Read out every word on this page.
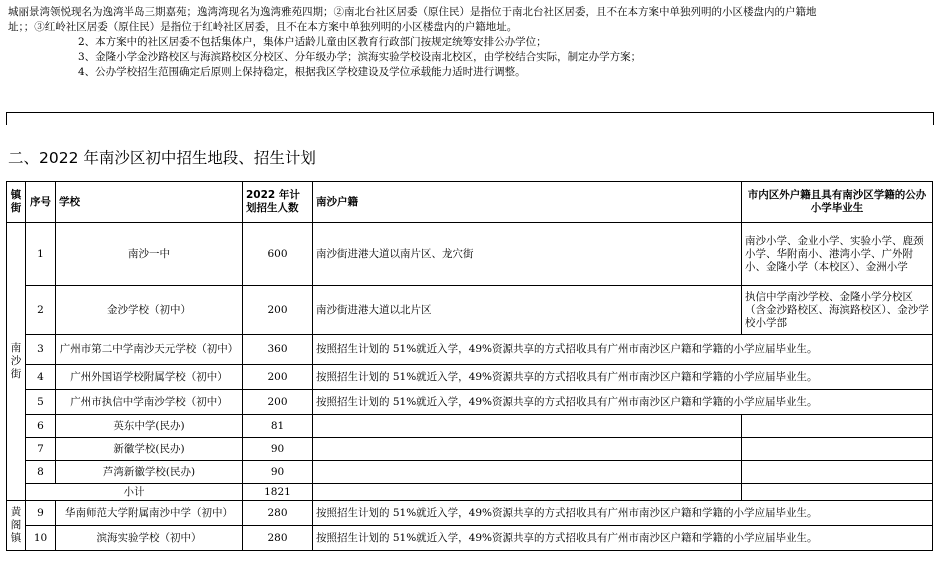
城丽景湾领悦现名为逸湾半岛三期嘉苑；逸湾湾现名为逸湾雅苑四期；②南北台社区居委（原住民）是指位于南北台社区居委，且不在本方案中单独列明的小区楼盘内的户籍地

址；；③红岭社区居委（原住民）是指位于红岭社区居委，且不在本方案中单独列明的小区楼盘内的户籍地址。

2、本方案中的社区居委不包括集体户，集体户适龄儿童由区教育行政部门按规定统筹安排公办学位；

3、金隆小学金沙路校区与海滨路校区分校区、分年级办学；滨海实验学校设南北校区，由学校结合实际，制定办学方案；

4、公办学校招生范围确定后原则上保持稳定，根据我区学校建设及学位承载能力适时进行调整。

二、2022 年南沙区初中招生地段、招生计划
镇街	序号	学校	2022 年计划招生人数	南沙户籍	市内区外户籍且具有南沙区学籍的公办小学毕业生
南沙街	1	南沙一中	600	南沙街进港大道以南片区、龙穴街	南沙小学、金业小学、实验小学、鹿颈小学、华附南小、港湾小学、广外附小、金隆小学（本校区）、金洲小学
	2	金沙学校（初中）	200	南沙街进港大道以北片区	执信中学南沙学校、金隆小学分校区（含金沙路校区、海滨路校区）、金沙学校小学部
	3	广州市第二中学南沙天元学校（初中）	360	按照招生计划的 51%就近入学，49%资源共享的方式招收具有广州市南沙区户籍和学籍的小学应届毕业生。	
	4	广州外国语学校附属学校（初中）	200	按照招生计划的 51%就近入学，49%资源共享的方式招收具有广州市南沙区户籍和学籍的小学应届毕业生。	
	5	广州市执信中学南沙学校（初中）	200	按照招生计划的 51%就近入学，49%资源共享的方式招收具有广州市南沙区户籍和学籍的小学应届毕业生。	
	6	英东中学(民办)	81		
	7	新徽学校(民办)	90		
	8	芦湾新徽学校(民办)	90		
	小计		1821		
黄阁镇	9	华南师范大学附属南沙中学（初中）	280	按照招生计划的 51%就近入学，49%资源共享的方式招收具有广州市南沙区户籍和学籍的小学应届毕业生。	
	10	滨海实验学校（初中）	280	按照招生计划的 51%就近入学，49%资源共享的方式招收具有广州市南沙区户籍和学籍的小学应届毕业生。	
